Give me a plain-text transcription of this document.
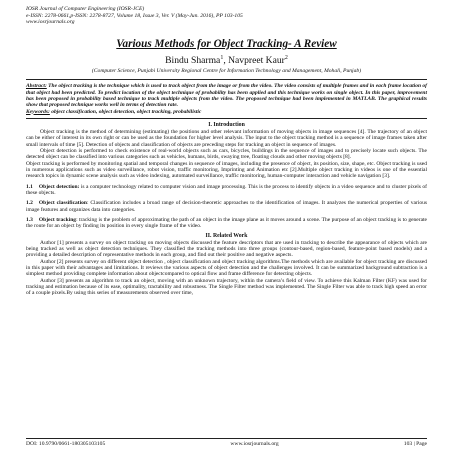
IOSR Journal of Computer Engineering (IOSR-JCE)
e-ISSN: 2278-0661,p-ISSN: 2278-8727, Volume 18, Issue 3, Ver. V (May-Jun. 2016), PP 103-105
www.iosrjournals.org
Various Methods for Object Tracking- A Review
Bindu Sharma$^1$, Navpreet Kaur$^2$
(Computer Science, Punjabi University Regional Centre for Information Technology and Management, Mohali, Punjab)
Abstract: The object tracking is the technique which is used to track object from the image or from the video. The video consists of multiple frames and in each frame location of that object had been predicted. To predict location of the object technique of probability has been applied and this technique works on single object. In this paper, improvement has been proposed in probability based technique to track multiple objects from the video. The proposed technique had been implemented in MATLAB. The graphical results show that proposed technique works well in terms of detection rate.
Keywords: object classification, object detection, object tracking, probabilistic
I. Introduction

Object tracking is the method of determining (estimating) the positions and other relevant information of moving objects in image sequences [4]. The trajectory of an object can be either of interest in its own right or can be used as the foundation for higher level analysis. The input to the object tracking method is a sequence of image frames taken after small intervals of time [5]. Detection of objects and classification of objects are preceding steps for tracking an object in sequence of images.

Object detection is performed to check existence of real-world objects such as cars, bicycles, buildings in the sequence of images and to precisely locate such objects. The detected object can be classified into various categories such as vehicles, humans, birds, swaying tree, floating clouds and other moving objects [8].

Object tracking is performed by monitoring spatial and temporal changes in sequence of images, including the presence of object, its position, size, shape, etc. Object tracking is used in numerous applications such as video surveillance, robot vision, traffic monitoring, Imprinting and Animation etc [2].Multiple object tracking in videos is one of the essential research topics in dynamic scene analysis such as video indexing, automated surveillance, traffic monitoring, human-computer interaction and vehicle navigation [3].

1.1 Object detection: is a computer technology related to computer vision and image processing. This is the process to identify objects in a video sequence and to cluster pixels of these objects.

1.2 Object classification: Classification includes a broad range of decision-theoretic approaches to the identification of images. It analyzes the numerical properties of various image features and organizes data into categories.

1.3 Object tracking: tracking is the problem of approximating the path of an object in the image plane as it moves around a scene. The purpose of an object tracking is to generate the route for an object by finding its position in every single frame of the video.

II. Related Work

Author [1] presents a survey on object tracking on moving objects discussed the feature descriptors that are used in tracking to describe the appearance of objects which are being tracked as well as object detection techniques. They classified the tracking methods into three groups (contour-based, region-based, feature-point based models) and a providing a detailed description of representative methods in each group, and find out their positive and negative aspects.

Author [2] presents survey on different object detection , object classification and object tracking algorithms.The methods which are available for object tracking are discussed in this paper with their advantages and limitations. It reviews the various aspects of object detection and the challenges involved. It can be summarized background subtraction is a simplest method providing complete information about objectcompared to optical flow and frame difference for detecting objects.

Author [3] presents an algorithm to track an object, moving with an unknown trajectory, within the camera’s field of view. To achieve this Kalman Filter (KF) was used for tracking and estimation because of its ease, optimality, tractability and robustness. The Single Filter method was implemented. The Single Filter was able to track high speed an error of a couple pixels.By using this series of measurements observed over time,

DOI: 10.9790/0661-1803051031​05	www.iosrjournals.org	103 | Page
